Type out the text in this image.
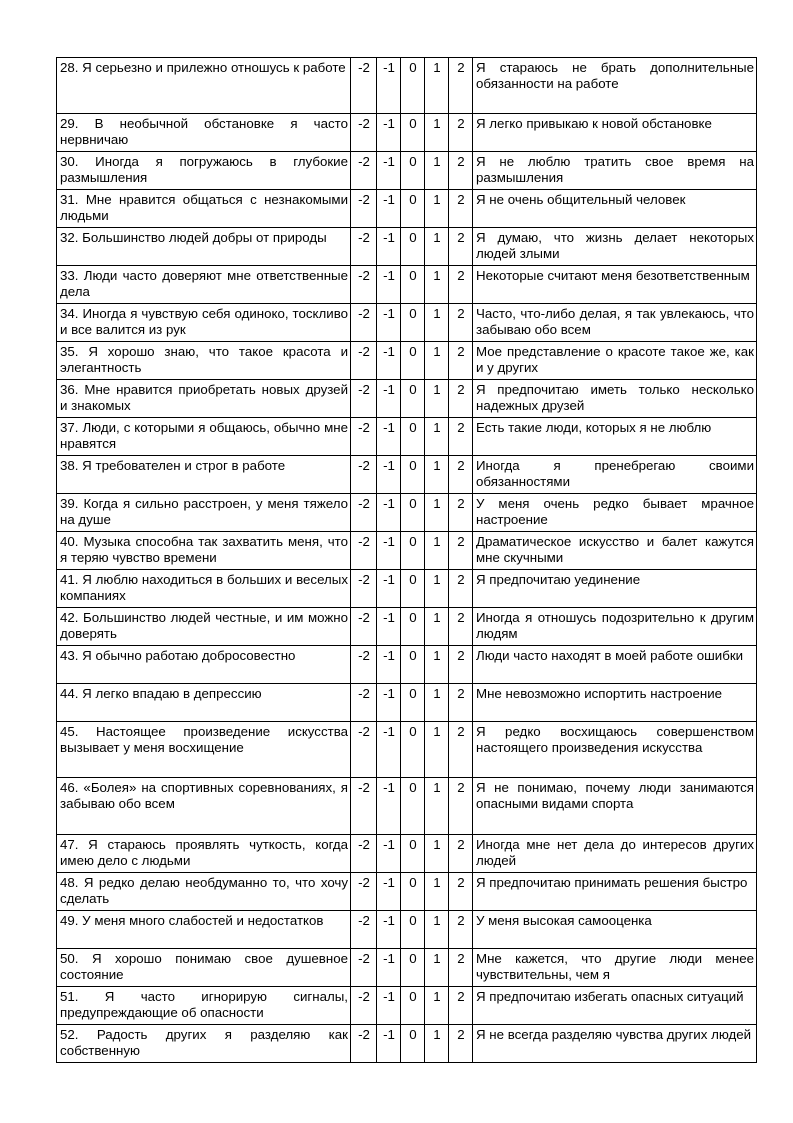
28. Я серьезно и прилежно отношусь к работе	-2	-1	0	1	2	Я стараюсь не брать дополнительные обязанности на работе
29. В необычной обстановке я часто нервничаю	-2	-1	0	1	2	Я легко привыкаю к новой обстановке
30. Иногда я погружаюсь в глубокие размышления	-2	-1	0	1	2	Я не люблю тратить свое время на размышления
31. Мне нравится общаться с незнакомыми людьми	-2	-1	0	1	2	Я не очень общительный человек
32. Большинство людей добры от природы	-2	-1	0	1	2	Я думаю, что жизнь делает некоторых людей злыми
33. Люди часто доверяют мне ответственные дела	-2	-1	0	1	2	Некоторые считают меня безответственным
34. Иногда я чувствую себя одиноко, тоскливо и все валится из рук	-2	-1	0	1	2	Часто, что-либо делая, я так увлекаюсь, что забываю обо всем
35. Я хорошо знаю, что такое красота и элегантность	-2	-1	0	1	2	Мое представление о красоте такое же, как и у других
36. Мне нравится приобретать новых друзей и знакомых	-2	-1	0	1	2	Я предпочитаю иметь только несколько надежных друзей
37. Люди, с которыми я общаюсь, обычно мне нравятся	-2	-1	0	1	2	Есть такие люди, которых я не люблю
38. Я требователен и строг в работе	-2	-1	0	1	2	Иногда я пренебрегаю своими обязанностями
39. Когда я сильно расстроен, у меня тяжело на душе	-2	-1	0	1	2	У меня очень редко бывает мрачное настроение
40. Музыка способна так захватить меня, что я теряю чувство времени	-2	-1	0	1	2	Драматическое искусство и балет кажутся мне скучными
41. Я люблю находиться в больших и веселых компаниях	-2	-1	0	1	2	Я предпочитаю уединение
42. Большинство людей честные, и им можно доверять	-2	-1	0	1	2	Иногда я отношусь подозрительно к другим людям
43. Я обычно работаю добросовестно	-2	-1	0	1	2	Люди часто находят в моей работе ошибки
44. Я легко впадаю в депрессию	-2	-1	0	1	2	Мне невозможно испортить настроение
45. Настоящее произведение искусства вызывает у меня восхищение	-2	-1	0	1	2	Я редко восхищаюсь совершенством настоящего произведения искусства
46. «Болея» на спортивных соревнованиях, я забываю обо всем	-2	-1	0	1	2	Я не понимаю, почему люди занимаются опасными видами спорта
47. Я стараюсь проявлять чуткость, когда имею дело с людьми	-2	-1	0	1	2	Иногда мне нет дела до интересов других людей
48. Я редко делаю необдуманно то, что хочу сделать	-2	-1	0	1	2	Я предпочитаю принимать решения быстро
49. У меня много слабостей и недостатков	-2	-1	0	1	2	У меня высокая самооценка
50. Я хорошо понимаю свое душевное состояние	-2	-1	0	1	2	Мне кажется, что другие люди менее чувствительны, чем я
51. Я часто игнорирую сигналы, предупреждающие об опасности	-2	-1	0	1	2	Я предпочитаю избегать опасных ситуаций
52. Радость других я разделяю как собственную	-2	-1	0	1	2	Я не всегда разделяю чувства других людей
